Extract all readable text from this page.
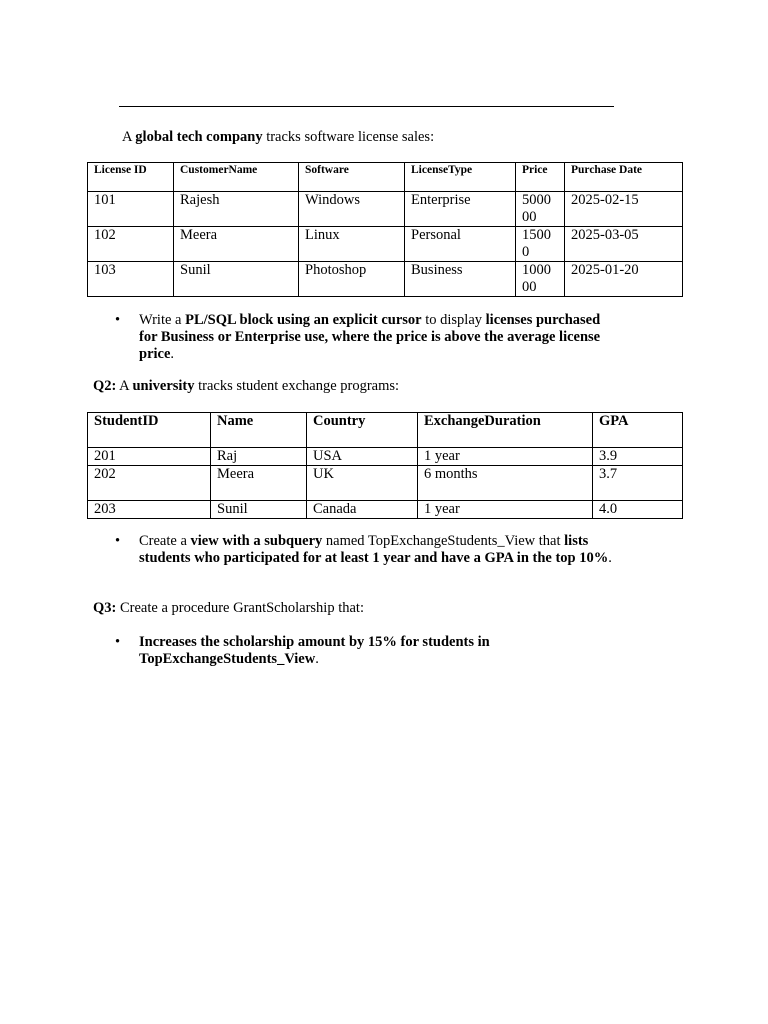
A global tech company tracks software license sales:
License ID	CustomerName	Software	LicenseType	Price	Purchase Date
101	Rajesh	Windows	Enterprise	500000	2025-02-15
102	Meera	Linux	Personal	15000	2025-03-05
103	Sunil	Photoshop	Business	100000	2025-01-20
• Write a PL/SQL block using an explicit cursor to display licenses purchased for Business or Enterprise use, where the price is above the average license price.
Q2: A university tracks student exchange programs:
StudentID	Name	Country	ExchangeDuration	GPA
201	Raj	USA	1 year	3.9
202	Meera	UK	6 months	3.7
203	Sunil	Canada	1 year	4.0
• Create a view with a subquery named TopExchangeStudents_View that lists students who participated for at least 1 year and have a GPA in the top 10%.
Q3: Create a procedure GrantScholarship that:
• Increases the scholarship amount by 15% for students in TopExchangeStudents_View.
